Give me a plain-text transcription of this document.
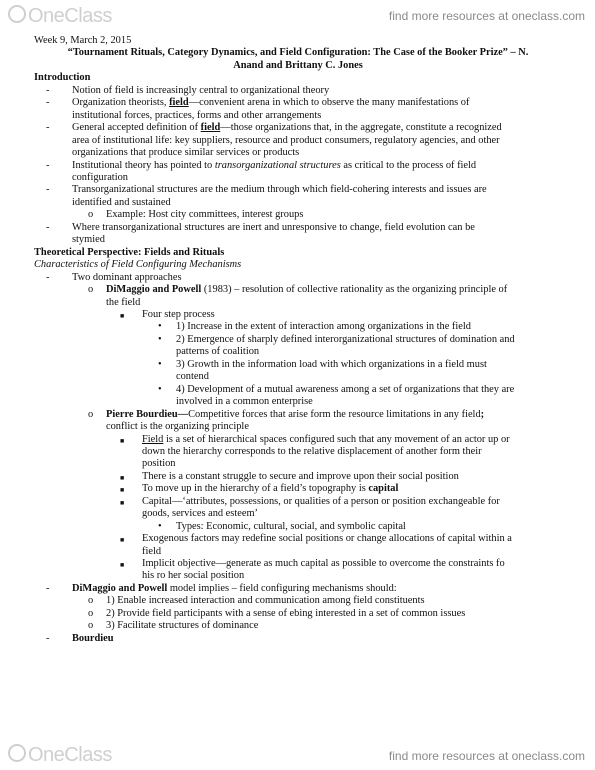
OneClass	find more resources at oneclass.com
Week 9, March 2, 2015
“Tournament Rituals, Category Dynamics, and Field Configuration: The Case of the Booker Prize” – N.
Anand and Brittany C. Jones
Introduction
- Notion of field is increasingly central to organizational theory
- Organization theorists, field—convenient arena in which to observe the many manifestations of
institutional forces, practices, forms and other arrangements
- General accepted definition of field—those organizations that, in the aggregate, constitute a recognized
area of institutional life: key suppliers, resource and product consumers, regulatory agencies, and other
organizations that produce similar services or products
- Institutional theory has pointed to transorganizational structures as critical to the process of field
configuration
- Transorganizational structures are the medium through which field-cohering interests and issues are
identified and sustained
o Example: Host city committees, interest groups
- Where transorganizational structures are inert and unresponsive to change, field evolution can be
stymied
Theoretical Perspective: Fields and Rituals
Characteristics of Field Configuring Mechanisms
- Two dominant approaches
o DiMaggio and Powell (1983) – resolution of collective rationality as the organizing principle of
the field
■ Four step process
• 1) Increase in the extent of interaction among organizations in the field
• 2) Emergence of sharply defined interorganizational structures of domination and
patterns of coalition
• 3) Growth in the information load with which organizations in a field must
contend
• 4) Development of a mutual awareness among a set of organizations that they are
involved in a common enterprise
o Pierre Bourdieu—Competitive forces that arise form the resource limitations in any field;
conflict is the organizing principle
■ Field is a set of hierarchical spaces configured such that any movement of an actor up or
down the hierarchy corresponds to the relative displacement of another form their
position
■ There is a constant struggle to secure and improve upon their social position
■ To move up in the hierarchy of a field’s topography is capital
■ Capital—‘attributes, possessions, or qualities of a person or position exchangeable for
goods, services and esteem’
• Types: Economic, cultural, social, and symbolic capital
■ Exogenous factors may redefine social positions or change allocations of capital within a
field
■ Implicit objective—generate as much capital as possible to overcome the constraints fo
his ro her social position
- DiMaggio and Powell model implies – field configuring mechanisms should:
o 1) Enable increased interaction and communication among field constituents
o 2) Provide field participants with a sense of ebing interested in a set of common issues
o 3) Facilitate structures of dominance
- Bourdieu
OneClass	find more resources at oneclass.com
